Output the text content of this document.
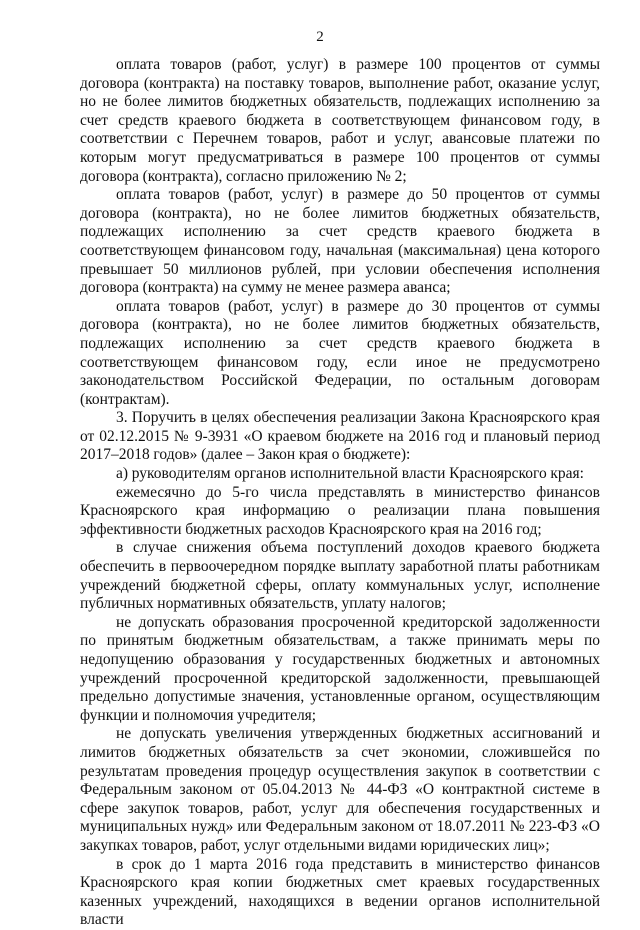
2

оплата товаров (работ, услуг) в размере 100 процентов от суммы договора (контракта) на поставку товаров, выполнение работ, оказание услуг, но не более лимитов бюджетных обязательств, подлежащих исполнению за счет средств краевого бюджета в соответствующем финансовом году, в соответствии с Перечнем товаров, работ и услуг, авансовые платежи по которым могут предусматриваться в размере 100 процентов от суммы договора (контракта), согласно приложению № 2;

оплата товаров (работ, услуг) в размере до 50 процентов от суммы договора (контракта), но не более лимитов бюджетных обязательств, подлежащих исполнению за счет средств краевого бюджета в соответствующем финансовом году, начальная (максимальная) цена которого превышает 50 миллионов рублей, при условии обеспечения исполнения договора (контракта) на сумму не менее размера аванса;

оплата товаров (работ, услуг) в размере до 30 процентов от суммы договора (контракта), но не более лимитов бюджетных обязательств, подлежащих исполнению за счет средств краевого бюджета в соответствующем финансовом году, если иное не предусмотрено законодательством Российской Федерации, по остальным договорам (контрактам).

3. Поручить в целях обеспечения реализации Закона Красноярского края от 02.12.2015 № 9-3931 «О краевом бюджете на 2016 год и плановый период 2017–2018 годов» (далее – Закон края о бюджете):

а) руководителям органов исполнительной власти Красноярского края:

ежемесячно до 5-го числа представлять в министерство финансов Красноярского края информацию о реализации плана повышения эффективности бюджетных расходов Красноярского края на 2016 год;

в случае снижения объема поступлений доходов краевого бюджета обеспечить в первоочередном порядке выплату заработной платы работникам учреждений бюджетной сферы, оплату коммунальных услуг, исполнение публичных нормативных обязательств, уплату налогов;

не допускать образования просроченной кредиторской задолженности по принятым бюджетным обязательствам, а также принимать меры по недопущению образования у государственных бюджетных и автономных учреждений просроченной кредиторской задолженности, превышающей предельно допустимые значения, установленные органом, осуществляющим функции и полномочия учредителя;

не допускать увеличения утвержденных бюджетных ассигнований и лимитов бюджетных обязательств за счет экономии, сложившейся по результатам проведения процедур осуществления закупок в соответствии с Федеральным законом от 05.04.2013 № 44-ФЗ «О контрактной системе в сфере закупок товаров, работ, услуг для обеспечения государственных и муниципальных нужд» или Федеральным законом от 18.07.2011 № 223-ФЗ «О закупках товаров, работ, услуг отдельными видами юридических лиц»;

в срок до 1 марта 2016 года представить в министерство финансов Красноярского края копии бюджетных смет краевых государственных казенных учреждений, находящихся в ведении органов исполнительной власти
